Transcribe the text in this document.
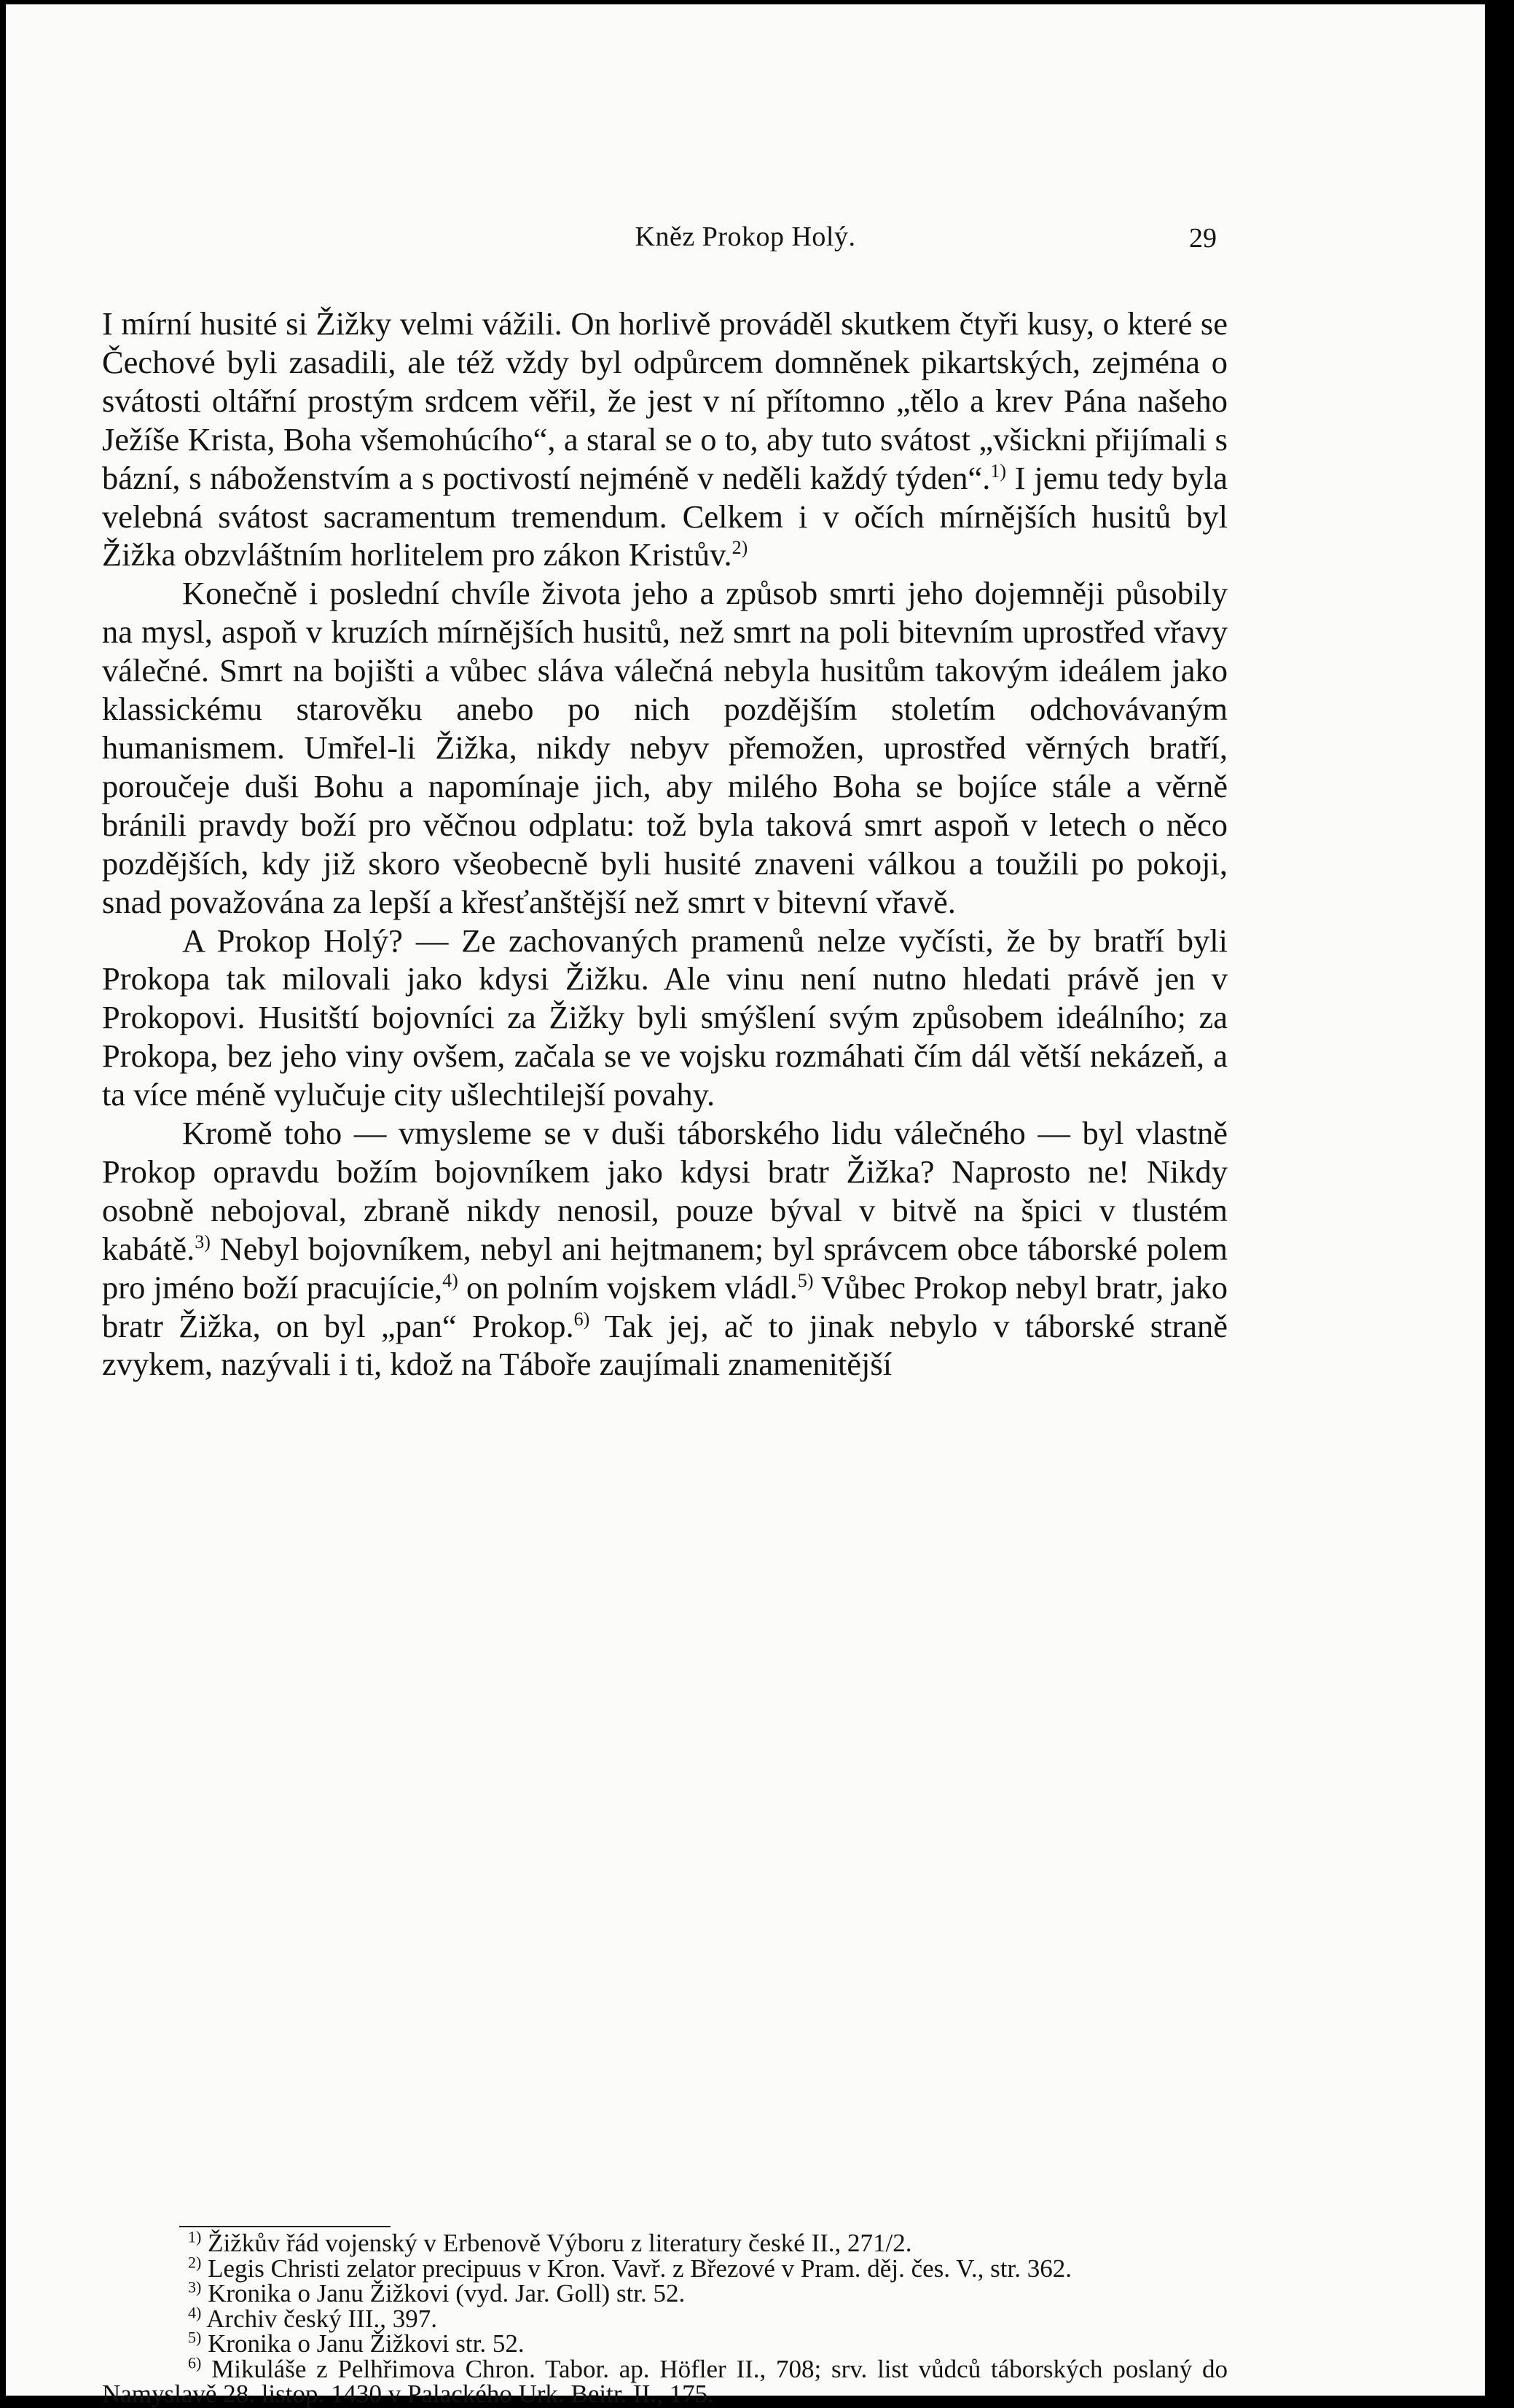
Kněz Prokop Holý.	29

I mírní husité si Žižky velmi vážili. On horlivě prováděl skutkem čtyři kusy, o které se Čechové byli zasadili, ale též vždy byl odpůrcem domněnek pikartských, zejména o svátosti oltářní prostým srdcem věřil, že jest v ní přítomno „tělo a krev Pána našeho Ježíše Krista, Boha všemohúcího“, a staral se o to, aby tuto svátost „všickni přijímali s bázní, s náboženstvím a s poctivostí nejméně v neděli každý týden“.$^{1)}$ I jemu tedy byla velebná svátost sacramentum tremendum. Celkem i v očích mírnějších husitů byl Žižka obzvláštním horlitelem pro zákon Kristův.$^{2)}$

Konečně i poslední chvíle života jeho a způsob smrti jeho dojemněji působily na mysl, aspoň v kruzích mírnějších husitů, než smrt na poli bitevním uprostřed vřavy válečné. Smrt na bojišti a vůbec sláva válečná nebyla husitům takovým ideálem jako klassickému starověku anebo po nich pozdějším stoletím odchovávaným humanismem. Umřel-li Žižka, nikdy nebyv přemožen, uprostřed věrných bratří, poroučeje duši Bohu a napomínaje jich, aby milého Boha se bojíce stále a věrně bránili pravdy boží pro věčnou odplatu: tož byla taková smrt aspoň v letech o něco pozdějších, kdy již skoro všeobecně byli husité znaveni válkou a toužili po pokoji, snad považována za lepší a křesťanštější než smrt v bitevní vřavě.

A Prokop Holý? — Ze zachovaných pramenů nelze vyčísti, že by bratří byli Prokopa tak milovali jako kdysi Žižku. Ale vinu není nutno hledati právě jen v Prokopovi. Husitští bojovníci za Žižky byli smýšlení svým způsobem ideálního; za Prokopa, bez jeho viny ovšem, začala se ve vojsku rozmáhati čím dál větší nekázeň, a ta více méně vylučuje city ušlechtilejší povahy.

Kromě toho — vmysleme se v duši táborského lidu válečného — byl vlastně Prokop opravdu božím bojovníkem jako kdysi bratr Žižka? Naprosto ne! Nikdy osobně nebojoval, zbraně nikdy nenosil, pouze býval v bitvě na špici v tlustém kabátě.$^{3)}$ Nebyl bojovníkem, nebyl ani hejtmanem; byl správcem obce táborské polem pro jméno boží pracujície,$^{4)}$ on polním vojskem vládl.$^{5)}$ Vůbec Prokop nebyl bratr, jako bratr Žižka, on byl „pan“ Prokop.$^{6)}$ Tak jej, ač to jinak nebylo v táborské straně zvykem, nazývali i ti, kdož na Táboře zaujímali znamenitější

$^{1)}$ Žižkův řád vojenský v Erbenově Výboru z literatury české II., 271/2.
$^{2)}$ Legis Christi zelator precipuus v Kron. Vavř. z Březové v Pram. děj. čes. V., str. 362.
$^{3)}$ Kronika o Janu Žižkovi (vyd. Jar. Goll) str. 52.
$^{4)}$ Archiv český III., 397.
$^{5)}$ Kronika o Janu Žižkovi str. 52.
$^{6)}$ Mikuláše z Pelhřimova Chron. Tabor. ap. Höfler II., 708; srv. list vůdců táborských poslaný do Namyslavě 28. listop. 1430 v Palackého Urk. Beitr. II., 175.
